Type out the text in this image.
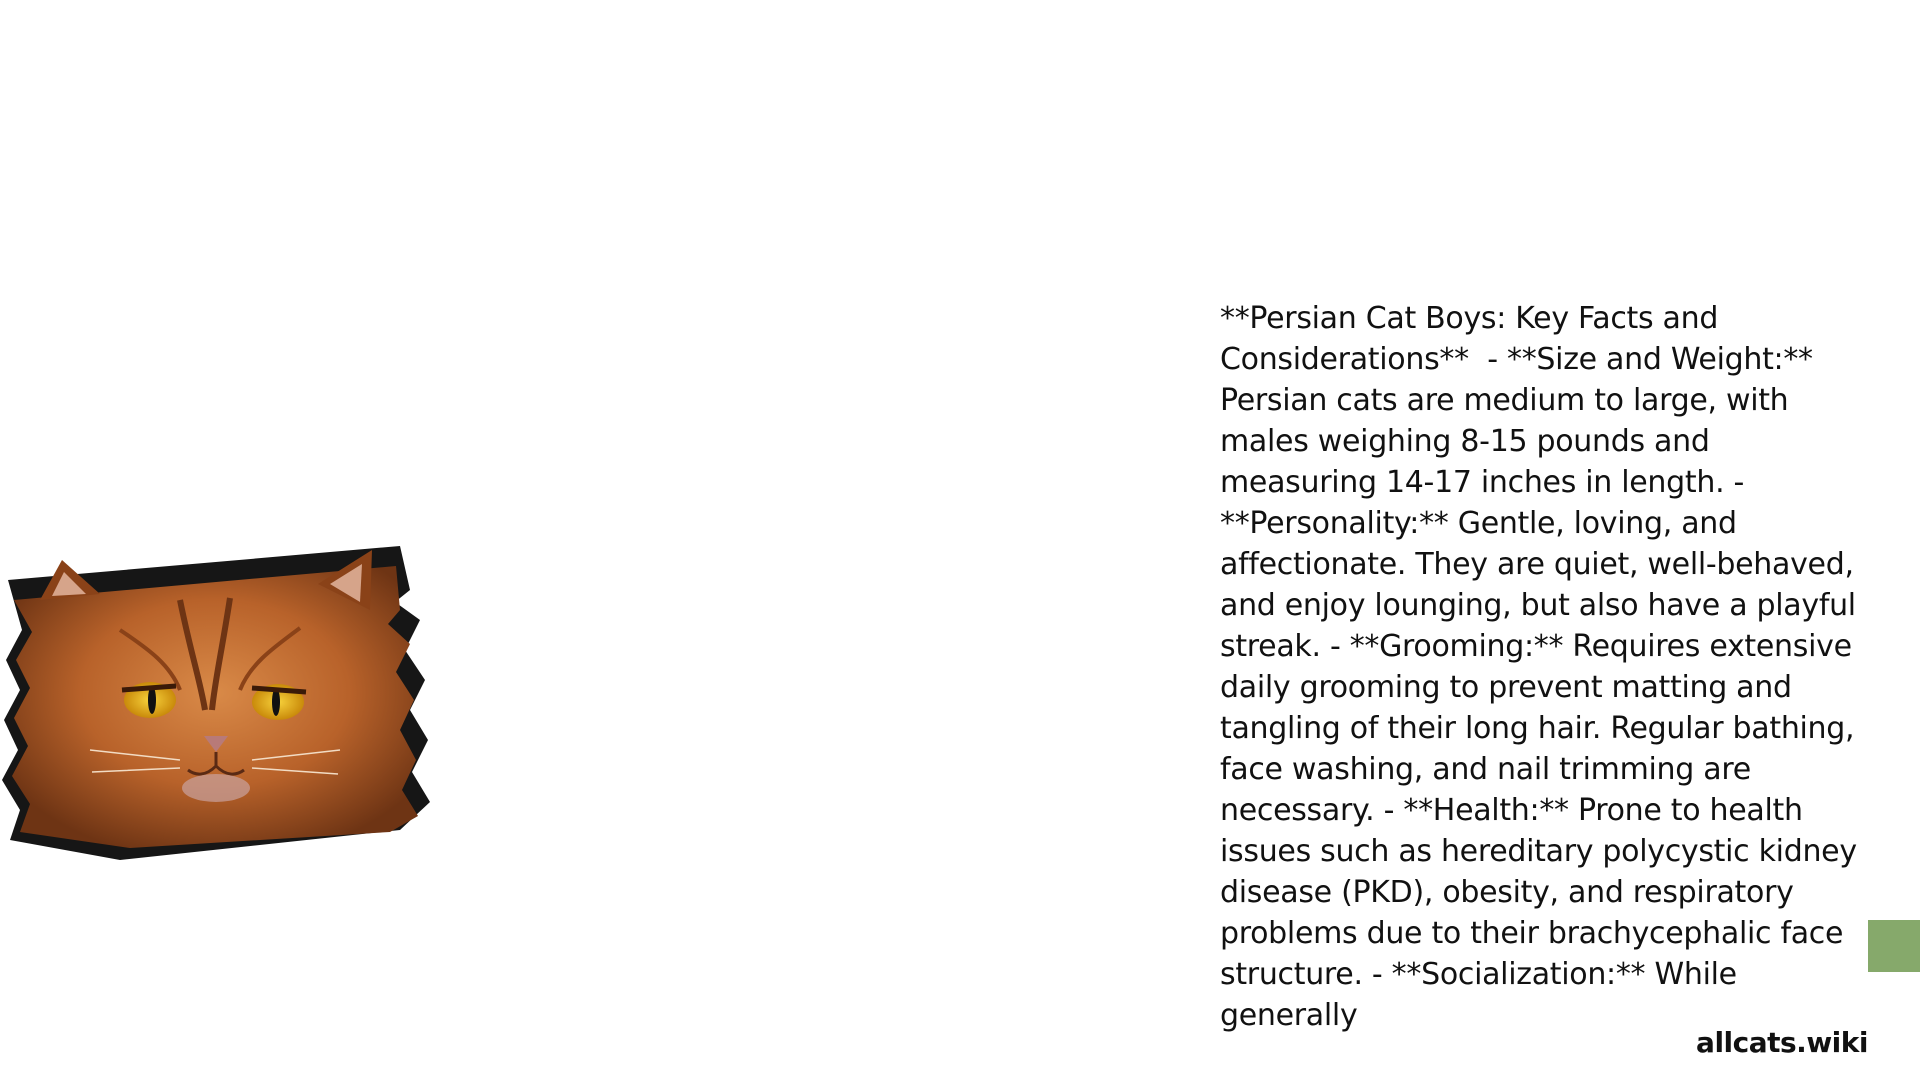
**Persian Cat Boys: Key Facts and Considerations**  - **Size and Weight:** Persian cats are medium to large, with males weighing 8-15 pounds and measuring 14-17 inches in length. - **Personality:** Gentle, loving, and affectionate. They are quiet, well-behaved, and enjoy lounging, but also have a playful streak. - **Grooming:** Requires extensive daily grooming to prevent matting and tangling of their long hair. Regular bathing, face washing, and nail trimming are necessary. - **Health:** Prone to health issues such as hereditary polycystic kidney disease (PKD), obesity, and respiratory problems due to their brachycephalic face structure. - **Socialization:** While generally
allcats.wiki
